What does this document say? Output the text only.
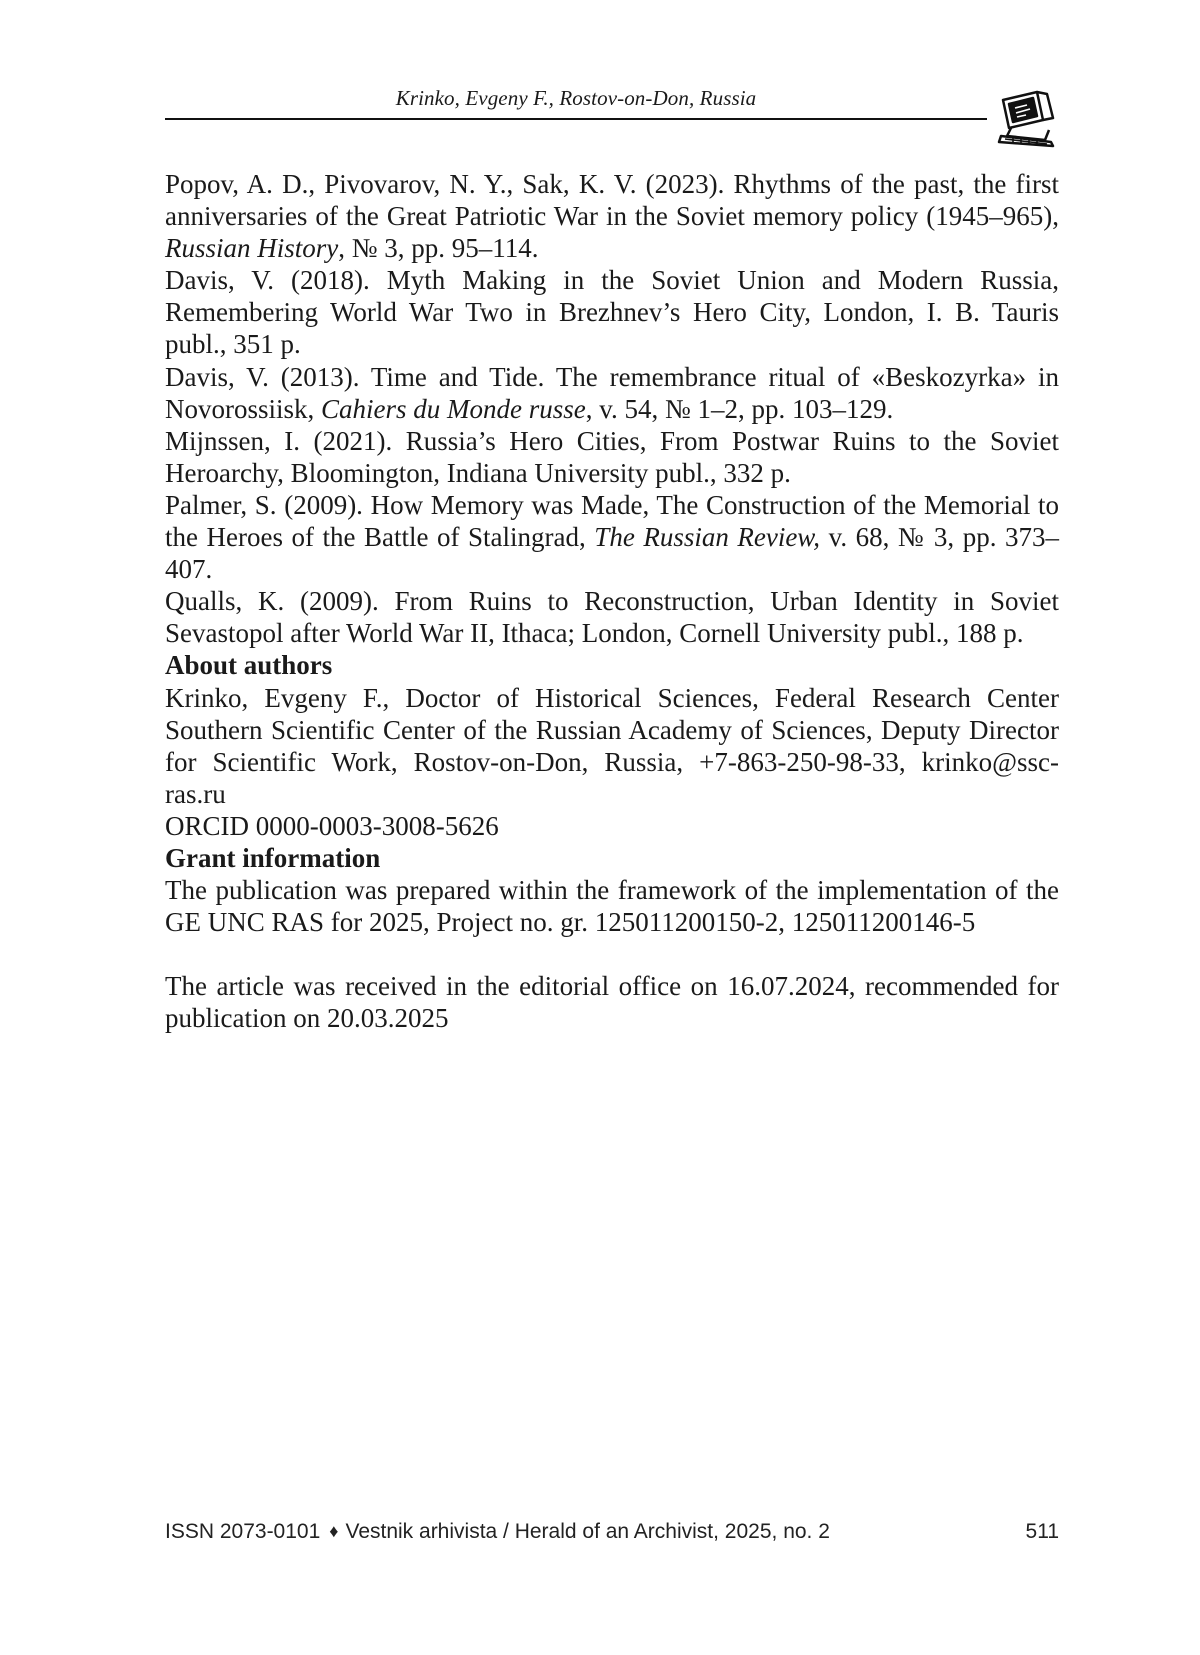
Krinko, Evgeny F., Rostov-on-Don, Russia

Popov, A. D., Pivovarov, N. Y., Sak, K. V. (2023). Rhythms of the past, the first anniversaries of the Great Patriotic War in the Soviet memory policy (1945–965), Russian History, № 3, pp. 95–114.

Davis, V. (2018). Myth Making in the Soviet Union and Modern Russia, Remembering World War Two in Brezhnev’s Hero City, London, I. B. Tauris publ., 351 p.

Davis, V. (2013). Time and Tide. The remembrance ritual of «Beskozyrka» in Novorossiisk, Cahiers du Monde russe, v. 54, № 1–2, pp. 103–129.

Mijnssen, I. (2021). Russia’s Hero Cities, From Postwar Ruins to the Soviet Heroarchy, Bloomington, Indiana University publ., 332 p.

Palmer, S. (2009). How Memory was Made, The Construction of the Memorial to the Heroes of the Battle of Stalingrad, The Russian Review, v. 68, № 3, pp. 373–407.

Qualls, K. (2009). From Ruins to Reconstruction, Urban Identity in Soviet Sevastopol after World War II, Ithaca; London, Cornell University publ., 188 p.

About authors

Krinko, Evgeny F., Doctor of Historical Sciences, Federal Research Center Southern Scientific Center of the Russian Academy of Sciences, Deputy Director for Scientific Work, Rostov-on-Don, Russia, +7-863-250-98-33, krinko@ssc-ras.ru

ORCID 0000-0003-3008-5626

Grant information

The publication was prepared within the framework of the implementation of the GE UNC RAS for 2025, Project no. gr. 125011200150-2, 125011200146-5

The article was received in the editorial office on 16.07.2024, recommended for publication on 20.03.2025

ISSN 2073-0101 ♦ Vestnik arhivista / Herald of an Archivist, 2025, no. 2	511
